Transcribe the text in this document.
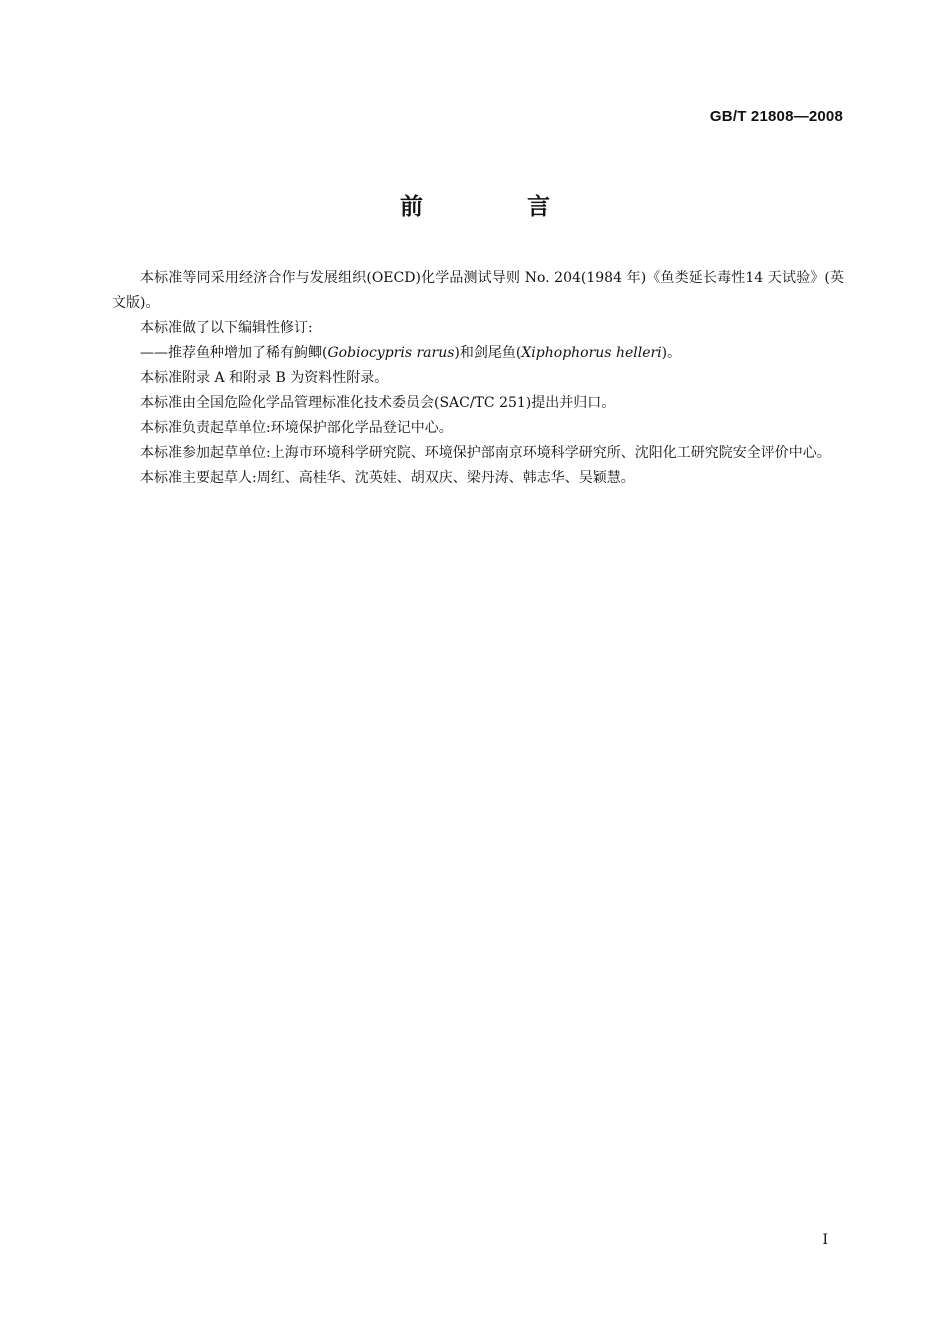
GB/T 21808—2008
前 言

本标准等同采用经济合作与发展组织(OECD)化学品测试导则 No. 204(1984 年)《鱼类延长毒性14 天试验》(英文版)。

本标准做了以下编辑性修订:

——推荐鱼种增加了稀有鮈鲫(Gobiocypris rarus)和剑尾鱼(Xiphophorus helleri)。

本标准附录 A 和附录 B 为资料性附录。

本标准由全国危险化学品管理标准化技术委员会(SAC/TC 251)提出并归口。

本标准负责起草单位:环境保护部化学品登记中心。

本标准参加起草单位:上海市环境科学研究院、环境保护部南京环境科学研究所、沈阳化工研究院安全评价中心。

本标准主要起草人:周红、高桂华、沈英娃、胡双庆、梁丹涛、韩志华、吴颖慧。

I
